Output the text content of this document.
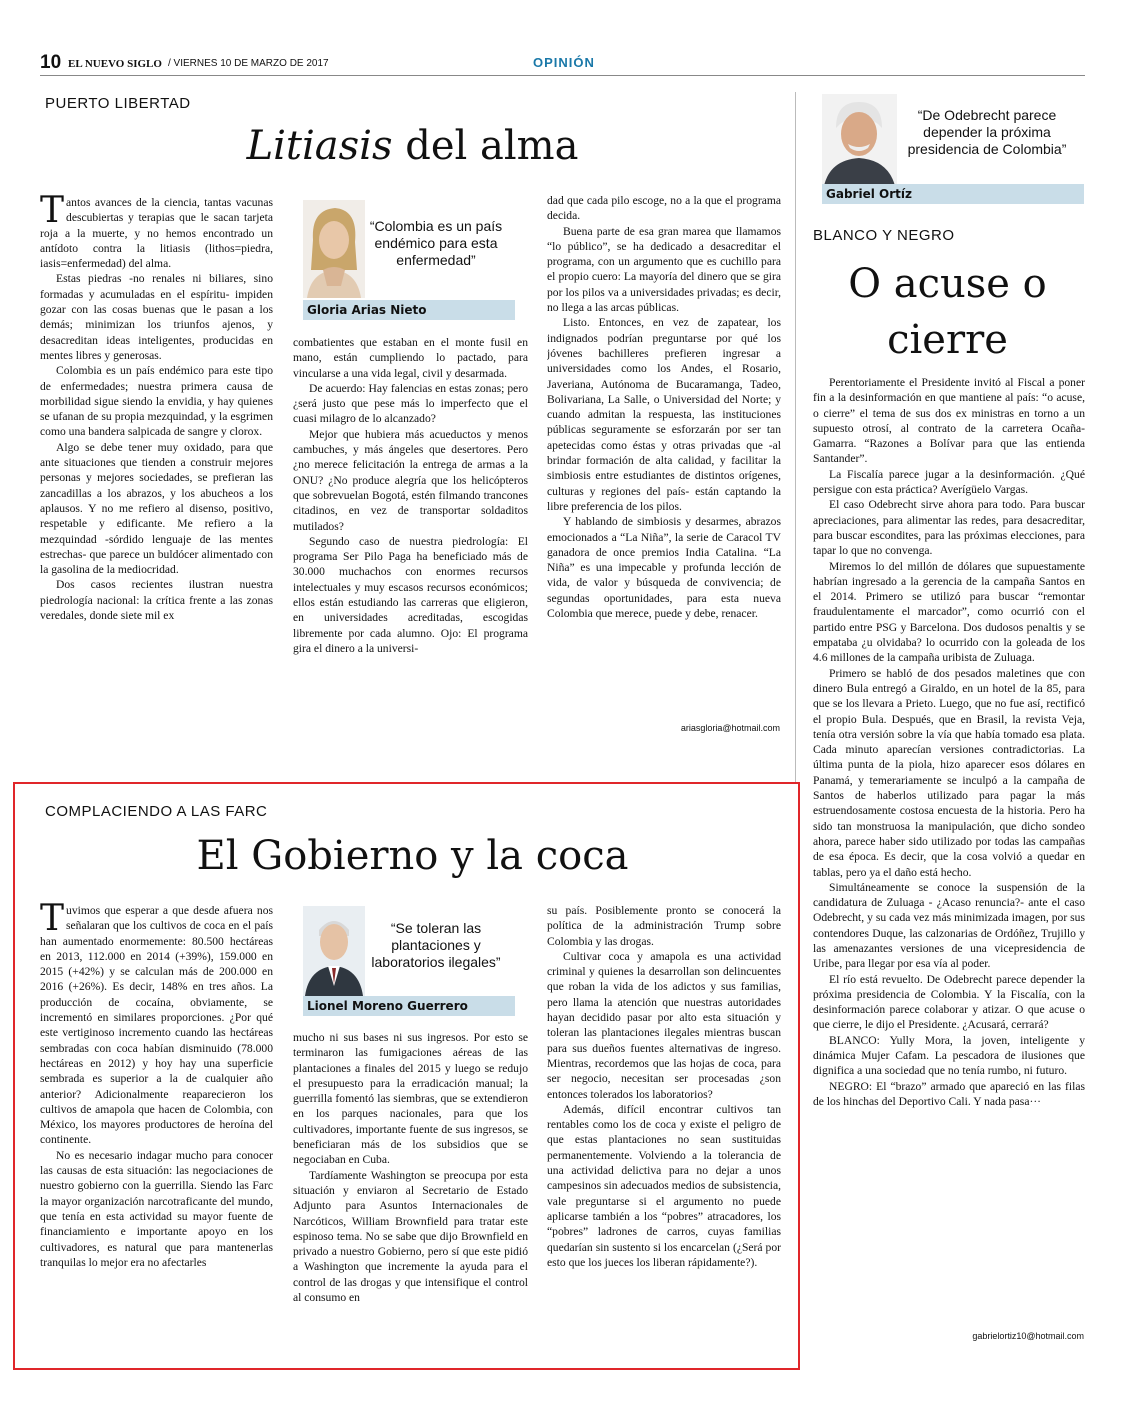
10 EL NUEVO SIGLO / VIERNES 10 DE MARZO DE 2017	OPINIÓN
PUERTO LIBERTAD
Litiasis del alma

Tantos avances de la ciencia, tantas vacunas descubiertas y terapias que le sacan tarjeta roja a la muerte, y no hemos encontrado un antídoto contra la litiasis (lithos=piedra, iasis=enfermedad) del alma.

Estas piedras -no renales ni biliares, sino formadas y acumuladas en el espíritu- impiden gozar con las cosas buenas que le pasan a los demás; minimizan los triunfos ajenos, y desacreditan ideas inteligentes, producidas en mentes libres y generosas.

Colombia es un país endémico para este tipo de enfermedades; nuestra primera causa de morbilidad sigue siendo la envidia, y hay quienes se ufanan de su propia mezquindad, y la esgrimen como una bandera salpicada de sangre y clorox.

Algo se debe tener muy oxidado, para que ante situaciones que tienden a construir mejores personas y mejores sociedades, se prefieran las zancadillas a los abrazos, y los abucheos a los aplausos. Y no me refiero al disenso, positivo, respetable y edificante. Me refiero a la mezquindad -sórdido lenguaje de las mentes estrechas- que parece un buldócer alimentado con la gasolina de la mediocridad.

Dos casos recientes ilustran nuestra piedrología nacional: la crítica frente a las zonas veredales, donde siete mil ex

“Colombia es un país endémico para esta enfermedad”
Gloria Arias Nieto

combatientes que estaban en el monte fusil en mano, están cumpliendo lo pactado, para vincularse a una vida legal, civil y desarmada.

De acuerdo: Hay falencias en estas zonas; pero ¿será justo que pese más lo imperfecto que el cuasi milagro de lo alcanzado?

Mejor que hubiera más acueductos y menos cambuches, y más ángeles que desertores. Pero ¿no merece felicitación la entrega de armas a la ONU? ¿No produce alegría que los helicópteros que sobrevuelan Bogotá, estén filmando trancones citadinos, en vez de transportar soldaditos mutilados?

Segundo caso de nuestra piedrología: El programa Ser Pilo Paga ha beneficiado más de 30.000 muchachos con enormes recursos intelectuales y muy escasos recursos económicos; ellos están estudiando las carreras que eligieron, en universidades acreditadas, escogidas libremente por cada alumno. Ojo: El programa gira el dinero a la universi-

dad que cada pilo escoge, no a la que el programa decida.

Buena parte de esa gran marea que llamamos “lo público”, se ha dedicado a desacreditar el programa, con un argumento que es cuchillo para el propio cuero: La mayoría del dinero que se gira por los pilos va a universidades privadas; es decir, no llega a las arcas públicas.

Listo. Entonces, en vez de zapatear, los indignados podrían preguntarse por qué los jóvenes bachilleres prefieren ingresar a universidades como los Andes, el Rosario, Javeriana, Autónoma de Bucaramanga, Tadeo, Bolivariana, La Salle, o Universidad del Norte; y cuando admitan la respuesta, las instituciones públicas seguramente se esforzarán por ser tan apetecidas como éstas y otras privadas que -al brindar formación de alta calidad, y facilitar la simbiosis entre estudiantes de distintos orígenes, culturas y regiones del país- están captando la libre preferencia de los pilos.

Y hablando de simbiosis y desarmes, abrazos emocionados a “La Niña”, la serie de Caracol TV ganadora de once premios India Catalina. “La Niña” es una impecable y profunda lección de vida, de valor y búsqueda de convivencia; de segundas oportunidades, para esta nueva Colombia que merece, puede y debe, renacer.

ariasgloria@hotmail.com
COMPLACIENDO A LAS FARC
El Gobierno y la coca

Tuvimos que esperar a que desde afuera nos señalaran que los cultivos de coca en el país han aumentado enormemente: 80.500 hectáreas en 2013, 112.000 en 2014 (+39%), 159.000 en 2015 (+42%) y se calculan más de 200.000 en 2016 (+26%). Es decir, 148% en tres años. La producción de cocaína, obviamente, se incrementó en similares proporciones. ¿Por qué este vertiginoso incremento cuando las hectáreas sembradas con coca habían disminuido (78.000 hectáreas en 2012) y hoy hay una superficie sembrada es superior a la de cualquier año anterior? Adicionalmente reaparecieron los cultivos de amapola que hacen de Colombia, con México, los mayores productores de heroína del continente.

No es necesario indagar mucho para conocer las causas de esta situación: las negociaciones de nuestro gobierno con la guerrilla. Siendo las Farc la mayor organización narcotraficante del mundo, que tenía en esta actividad su mayor fuente de financiamiento e importante apoyo en los cultivadores, es natural que para mantenerlas tranquilas lo mejor era no afectarles

“Se toleran las plantaciones y laboratorios ilegales”
Lionel Moreno Guerrero

mucho ni sus bases ni sus ingresos. Por esto se terminaron las fumigaciones aéreas de las plantaciones a finales del 2015 y luego se redujo el presupuesto para la erradicación manual; la guerrilla fomentó las siembras, que se extendieron en los parques nacionales, para que los cultivadores, importante fuente de sus ingresos, se beneficiaran más de los subsidios que se negociaban en Cuba.

Tardíamente Washington se preocupa por esta situación y enviaron al Secretario de Estado Adjunto para Asuntos Internacionales de Narcóticos, William Brownfield para tratar este espinoso tema. No se sabe que dijo Brownfield en privado a nuestro Gobierno, pero sí que este pidió a Washington que incremente la ayuda para el control de las drogas y que intensifique el control al consumo en

su país. Posiblemente pronto se conocerá la política de la administración Trump sobre Colombia y las drogas.

Cultivar coca y amapola es una actividad criminal y quienes la desarrollan son delincuentes que roban la vida de los adictos y sus familias, pero llama la atención que nuestras autoridades hayan decidido pasar por alto esta situación y toleran las plantaciones ilegales mientras buscan para sus dueños fuentes alternativas de ingreso. Mientras, recordemos que las hojas de coca, para ser negocio, necesitan ser procesadas ¿son entonces tolerados los laboratorios?

Además, difícil encontrar cultivos tan rentables como los de coca y existe el peligro de que estas plantaciones no sean sustituidas permanentemente. Volviendo a la tolerancia de una actividad delictiva para no dejar a unos campesinos sin adecuados medios de subsistencia, vale preguntarse si el argumento no puede aplicarse también a los “pobres” atracadores, los “pobres” ladrones de carros, cuyas familias quedarían sin sustento si los encarcelan (¿Será por esto que los jueces los liberan rápidamente?).

“De Odebrecht parece depender la próxima presidencia de Colombia”
Gabriel Ortíz
BLANCO Y NEGRO
O acuse o
cierre

Perentoriamente el Presidente invitó al Fiscal a poner fin a la desinformación en que mantiene al país: “o acuse, o cierre” el tema de sus dos ex ministras en torno a un supuesto otrosí, al contrato de la carretera Ocaña-Gamarra. “Razones a Bolívar para que las entienda Santander”.

La Fiscalía parece jugar a la desinformación. ¿Qué persigue con esta práctica? Averígüelo Vargas.

El caso Odebrecht sirve ahora para todo. Para buscar apreciaciones, para alimentar las redes, para desacreditar, para buscar escondites, para las próximas elecciones, para tapar lo que no convenga.

Miremos lo del millón de dólares que supuestamente habrían ingresado a la gerencia de la campaña Santos en el 2014. Primero se utilizó para buscar “remontar fraudulentamente el marcador”, como ocurrió con el partido entre PSG y Barcelona. Dos dudosos penaltis y se empataba ¿u olvidaba? lo ocurrido con la goleada de los 4.6 millones de la campaña uribista de Zuluaga.

Primero se habló de dos pesados maletines que con dinero Bula entregó a Giraldo, en un hotel de la 85, para que se los llevara a Prieto. Luego, que no fue así, rectificó el propio Bula. Después, que en Brasil, la revista Veja, tenía otra versión sobre la vía que había tomado esa plata. Cada minuto aparecían versiones contradictorias. La última punta de la piola, hizo aparecer esos dólares en Panamá, y temerariamente se inculpó a la campaña de Santos de haberlos utilizado para pagar la más estruendosamente costosa encuesta de la historia. Pero ha sido tan monstruosa la manipulación, que dicho sondeo ahora, parece haber sido utilizado por todas las campañas de esa época. Es decir, que la cosa volvió a quedar en tablas, pero ya el daño está hecho.

Simultáneamente se conoce la suspensión de la candidatura de Zuluaga - ¿Acaso renuncia?- ante el caso Odebrecht, y su cada vez más minimizada imagen, por sus contendores Duque, las calzonarias de Ordóñez, Trujillo y las amenazantes versiones de una vicepresidencia de Uribe, para llegar por esa vía al poder.

El río está revuelto. De Odebrecht parece depender la próxima presidencia de Colombia. Y la Fiscalía, con la desinformación parece colaborar y atizar. O que acuse o que cierre, le dijo el Presidente. ¿Acusará, cerrará?

BLANCO: Yully Mora, la joven, inteligente y dinámica Mujer Cafam. La pescadora de ilusiones que dignifica a una sociedad que no tenía rumbo, ni futuro.

NEGRO: El “brazo” armado que apareció en las filas de los hinchas del Deportivo Cali. Y nada pasa···

gabrielortiz10@hotmail.com
